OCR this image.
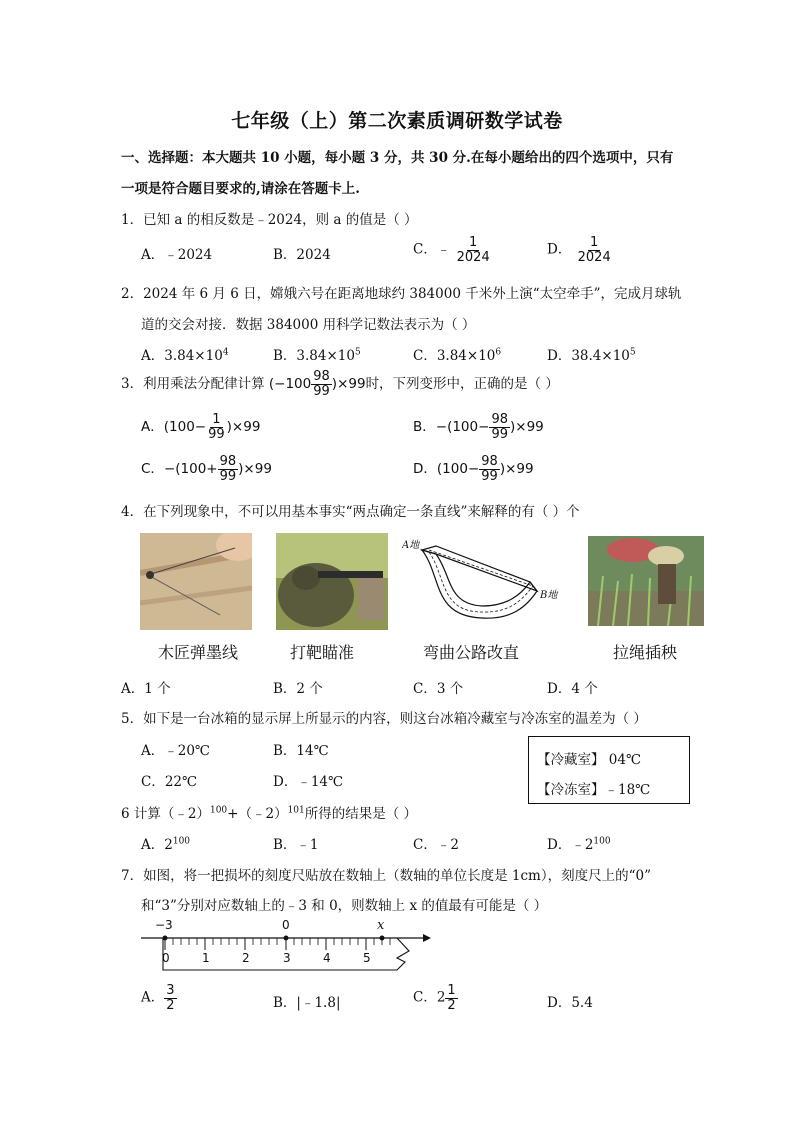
七年级（上）第二次素质调研数学试卷
一、选择题：本大题共 10 小题，每小题 3 分，共 30 分.在每小题给出的四个选项中，只有
一项是符合题目要求的,请涂在答题卡上.
1．已知 a 的相反数是﹣2024，则 a 的值是（ ）
A．﹣2024	B．2024	C．﹣ $\frac{1}{2024}$	D． $\frac{1}{2024}$
2．2024 年 6 月 6 日，嫦娥六号在距离地球约 384000 千米外上演“太空牵手”，完成月球轨
道的交会对接．数据 384000 用科学记数法表示为（ ）
A．$3.84\times 10^4$	B．$3.84\times 10^5$	C．$3.84\times 10^6$	D．$38.4\times 10^5$
3．利用乘法分配律计算 $(-100 \frac{98}{99} )\times 99$时，下列变形中，正确的是（ ）
A．$(100- \frac{1}{99} )\times 99$	B．$-(100- \frac{98}{99} )\times 99$
C．$-(100+ \frac{98}{99} )\times 99$	D．$(100- \frac{98}{99} )\times 99$
4．在下列现象中，不可以用基本事实“两点确定一条直线”来解释的有（ ）个
A地
B地
木匠弹墨线	打靶瞄准	弯曲公路改直	拉绳插秧
A．1 个	B．2 个	C．3 个	D．4 个
5．如下是一台冰箱的显示屏上所显示的内容，则这台冰箱冷藏室与冷冻室的温差为（ ）
A．﹣20℃	B．14℃
C．22℃	D．﹣14℃
【冷藏室】 04℃
【冷冻室】﹣18℃
6 计算（﹣2）$^{100}$+（﹣2）$^{101}$所得的结果是（ ）
A．$2^{100}$	B．﹣1	C．﹣2	D．$﹣2^{100}$
7．如图，将一把损坏的刻度尺贴放在数轴上（数轴的单位长度是 1cm），刻度尺上的“0”
和“3”分别对应数轴上的﹣3 和 0，则数轴上 x 的值最有可能是（ ）
−3	0	x
0	1	2	3	4	5
A． $\frac{3}{2}$	B．|﹣1.8|	C．$2 \frac{1}{2}$	D．5.4
